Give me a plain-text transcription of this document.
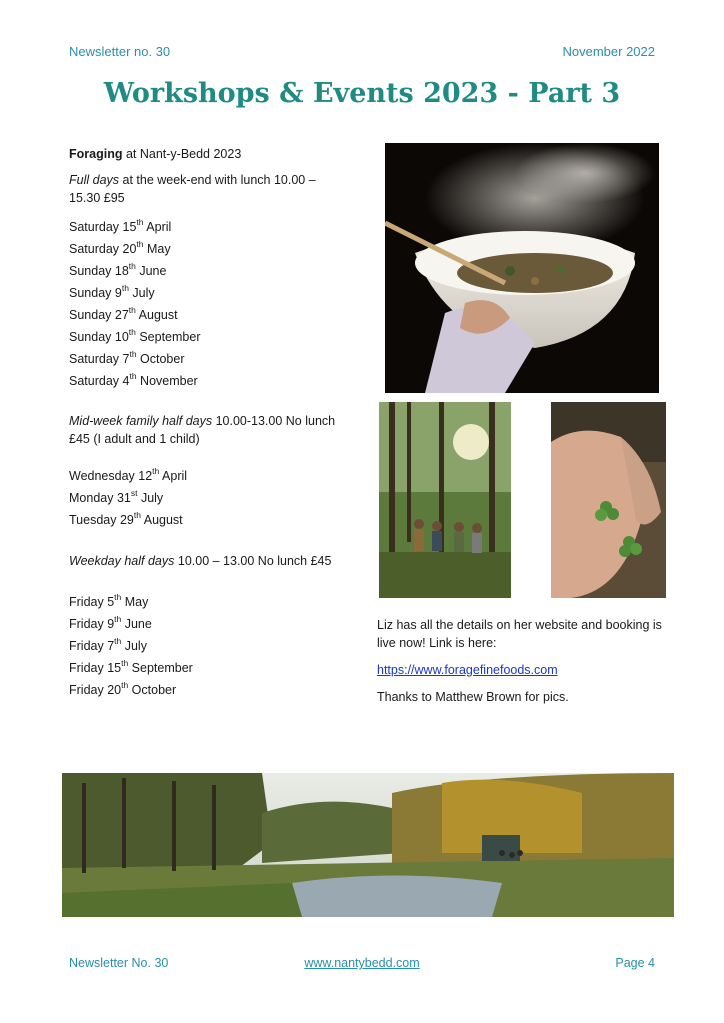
Newsletter no. 30	November 2022
Workshops & Events 2023 - Part 3

Foraging at Nant-y-Bedd 2023

Full days at the week-end with lunch 10.00 – 15.30 £95

Saturday 15th April
Saturday 20th May
Sunday 18th June
Sunday 9th July
Sunday 27th August
Sunday 10th September
Saturday 7th October
Saturday 4th November

Mid-week family half days 10.00-13.00 No lunch £45 (I adult and 1 child)

Wednesday 12th April
Monday 31st July
Tuesday 29th August

Weekday half days 10.00 – 13.00 No lunch £45

Friday 5th May
Friday 9th June
Friday 7th July
Friday 15th September
Friday 20th October

Liz has all the details on her website and booking is live now! Link is here:

https://www.foragefinefoods.com

Thanks to Matthew Brown for pics.

Newsletter No. 30	www.nantybedd.com	Page 4
